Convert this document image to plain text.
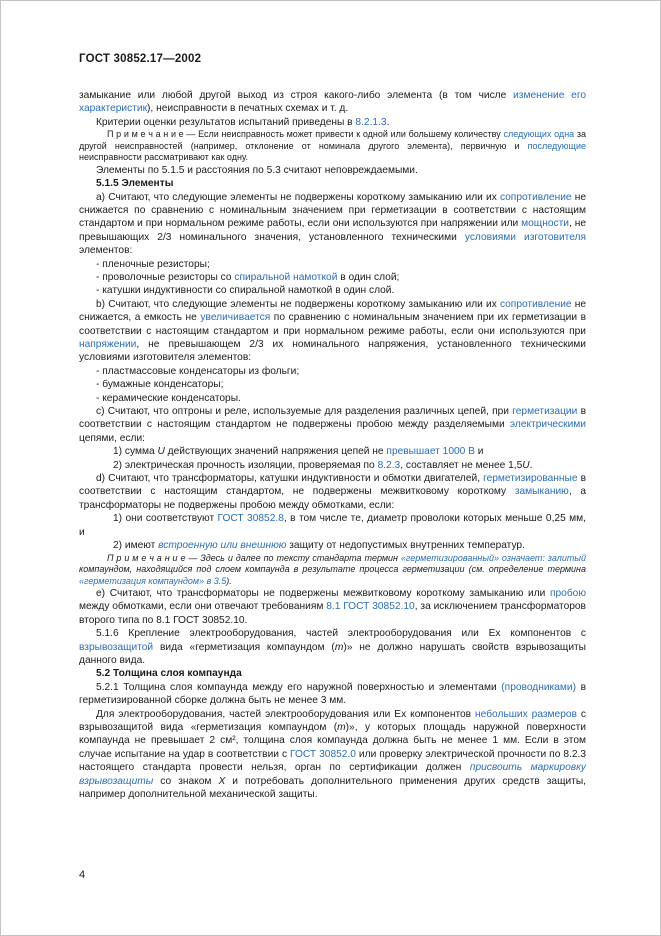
ГОСТ 30852.17—2002

замыкание или любой другой выход из строя какого-либо элемента (в том числе изменение его характеристик), неисправности в печатных схемах и т. д.

Критерии оценки результатов испытаний приведены в 8.2.1.3.

П р и м е ч а н и е — Если неисправность может привести к одной или большему количеству следующих одна за другой неисправностей (например, отклонение от номинала другого элемента), первичную и последующие неисправности рассматривают как одну.

Элементы по 5.1.5 и расстояния по 5.3 считают неповреждаемыми.

5.1.5 Элементы

a) Считают, что следующие элементы не подвержены короткому замыканию или их сопротивление не снижается по сравнению с номинальным значением при герметизации в соответствии с настоящим стандартом и при нормальном режиме работы, если они используются при напряжении или мощности, не превышающих 2/3 номинального значения, установленного техническими условиями изготовителя элементов:

- пленочные резисторы;

- проволочные резисторы со спиральной намоткой в один слой;

- катушки индуктивности со спиральной намоткой в один слой.

b) Считают, что следующие элементы не подвержены короткому замыканию или их сопротивление не снижается, а емкость не увеличивается по сравнению с номинальным значением при их герметизации в соответствии с настоящим стандартом и при нормальном режиме работы, если они используются при напряжении, не превышающем 2/3 их номинального напряжения, установленного техническими условиями изготовителя элементов:

- пластмассовые конденсаторы из фольги;

- бумажные конденсаторы;

- керамические конденсаторы.

c) Считают, что оптроны и реле, используемые для разделения различных цепей, при герметизации в соответствии с настоящим стандартом не подвержены пробою между разделяемыми электрическими цепями, если:

1) сумма U действующих значений напряжения цепей не превышает 1000 В и

2) электрическая прочность изоляции, проверяемая по 8.2.3, составляет не менее 1,5U.

d) Считают, что трансформаторы, катушки индуктивности и обмотки двигателей, герметизированные в соответствии с настоящим стандартом, не подвержены межвитковому короткому замыканию, а трансформаторы не подвержены пробою между обмотками, если:

1) они соответствуют ГОСТ 30852.8, в том числе те, диаметр проволоки которых меньше 0,25 мм, и

2) имеют встроенную или внешнюю защиту от недопустимых внутренних температур.

П р и м е ч а н и е — Здесь и далее по тексту стандарта термин «герметизированный» означает: залитый компаундом, находящийся под слоем компаунда в результате процесса герметизации (см. определение термина «герметизация компаундом» в 3.5).

e) Считают, что трансформаторы не подвержены межвитковому короткому замыканию или пробою между обмотками, если они отвечают требованиям 8.1 ГОСТ 30852.10, за исключением трансформаторов второго типа по 8.1 ГОСТ 30852.10.

5.1.6 Крепление электрооборудования, частей электрооборудования или Ех компонентов с взрывозащитой вида «герметизация компаундом (m)» не должно нарушать свойств взрывозащиты данного вида.

5.2 Толщина слоя компаунда

5.2.1 Толщина слоя компаунда между его наружной поверхностью и элементами (проводниками) в герметизированной сборке должна быть не менее 3 мм.

Для электрооборудования, частей электрооборудования или Ех компонентов небольших размеров с взрывозащитой вида «герметизация компаундом (m)», у которых площадь наружной поверхности компаунда не превышает 2 см², толщина слоя компаунда должна быть не менее 1 мм. Если в этом случае испытание на удар в соответствии с ГОСТ 30852.0 или проверку электрической прочности по 8.2.3 настоящего стандарта провести нельзя, орган по сертификации должен присвоить маркировку взрывозащиты со знаком X и потребовать дополнительного применения других средств защиты, например дополнительной механической защиты.

4
